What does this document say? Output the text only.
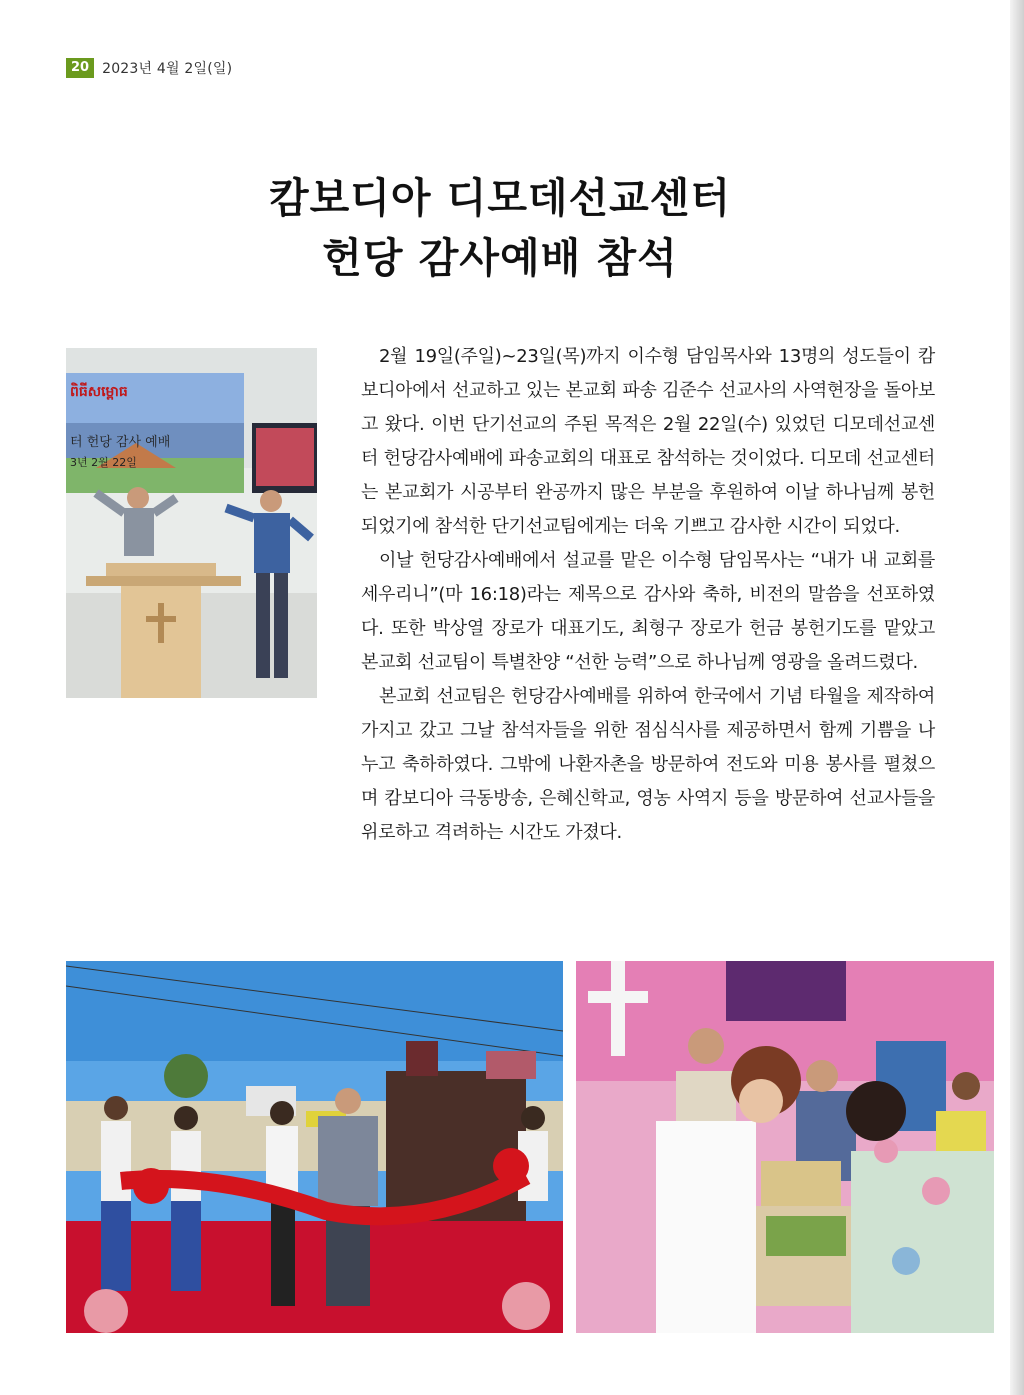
20 2023년 4월 2일(일)
캄보디아 디모데선교센터
헌당 감사예배 참석
ពិធីសម្ពោធ
터 헌당 감사 예배
3년 2월 22일

2월 19일(주일)~23일(목)까지 이수형 담임목사와 13명의 성도들이 캄보디아에서 선교하고 있는 본교회 파송 김준수 선교사의 사역현장을 돌아보고 왔다. 이번 단기선교의 주된 목적은 2월 22일(수) 있었던 디모데선교센터 헌당감사예배에 파송교회의 대표로 참석하는 것이었다. 디모데 선교센터는 본교회가 시공부터 완공까지 많은 부분을 후원하여 이날 하나님께 봉헌되었기에 참석한 단기선교팀에게는 더욱 기쁘고 감사한 시간이 되었다.

이날 헌당감사예배에서 설교를 맡은 이수형 담임목사는 “내가 내 교회를 세우리니”(마 16:18)라는 제목으로 감사와 축하, 비전의 말씀을 선포하였다. 또한 박상열 장로가 대표기도, 최형구 장로가 헌금 봉헌기도를 맡았고 본교회 선교팀이 특별찬양 “선한 능력”으로 하나님께 영광을 올려드렸다.

본교회 선교팀은 헌당감사예배를 위하여 한국에서 기념 타월을 제작하여 가지고 갔고 그날 참석자들을 위한 점심식사를 제공하면서 함께 기쁨을 나누고 축하하였다. 그밖에 나환자촌을 방문하여 전도와 미용 봉사를 펼쳤으며 캄보디아 극동방송, 은혜신학교, 영농 사역지 등을 방문하여 선교사들을 위로하고 격려하는 시간도 가졌다.
